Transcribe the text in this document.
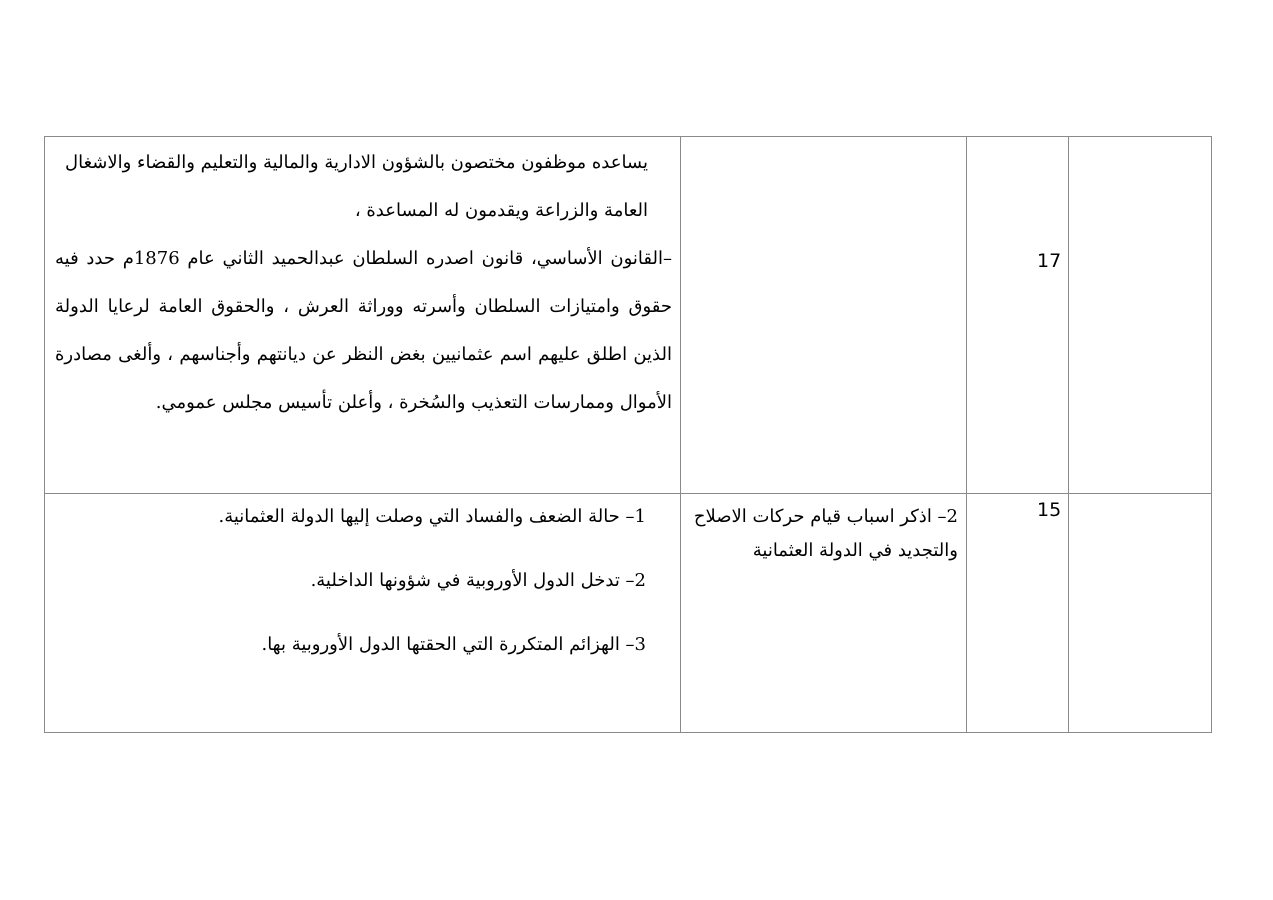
يساعده موظفون مختصون بالشؤون الادارية والمالية والتعليم والقضاء والاشغال العامة والزراعة ويقدمون له المساعدة ،

–القانون الأساسي، قانون اصدره السلطان عبدالحميد الثاني عام 1876م حدد فيه حقوق وامتيازات السلطان وأسرته ووراثة العرش ، والحقوق العامة لرعايا الدولة الذين اطلق عليهم اسم عثمانيين بغض النظر عن ديانتهم وأجناسهم ، وألغى مصادرة الأموال وممارسات التعذيب والسُخرة ، وأعلن تأسيس مجلس عمومي.		17	

1– حالة الضعف والفساد التي وصلت إليها الدولة العثمانية.

2– تدخل الدول الأوروبية في شؤونها الداخلية.

3– الهزائم المتكررة التي الحقتها الدول الأوروبية بها.	2– اذكر اسباب قيام حركات الاصلاح والتجديد في الدولة العثمانية	15	
